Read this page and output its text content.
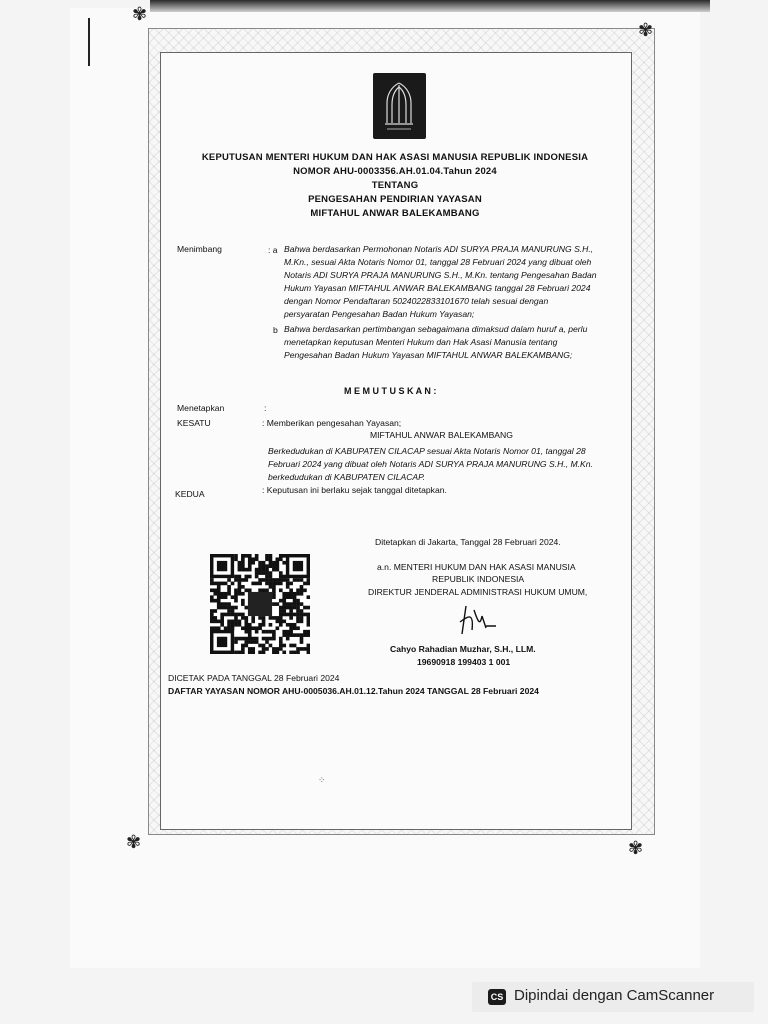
✾
✾
✾	✾
KEPUTUSAN MENTERI HUKUM DAN HAK ASASI MANUSIA REPUBLIK INDONESIA
NOMOR AHU-0003356.AH.01.04.Tahun 2024
TENTANG
PENGESAHAN PENDIRIAN YAYASAN
MIFTAHUL ANWAR BALEKAMBANG
Menimbang	: a Bahwa berdasarkan Permohonan Notaris ADI SURYA PRAJA MANURUNG S.H.,
M.Kn., sesuai Akta Notaris Nomor 01, tanggal 28 Februari 2024 yang dibuat oleh
Notaris ADI SURYA PRAJA MANURUNG S.H., M.Kn. tentang Pengesahan Badan
Hukum Yayasan MIFTAHUL ANWAR BALEKAMBANG tanggal 28 Februari 2024
dengan Nomor Pendaftaran 5024022833101670 telah sesuai dengan
persyaratan Pengesahan Badan Hukum Yayasan;
b Bahwa berdasarkan pertimbangan sebagaimana dimaksud dalam huruf a, perlu
menetapkan keputusan Menteri Hukum dan Hak Asasi Manusia tentang
Pengesahan Badan Hukum Yayasan MIFTAHUL ANWAR BALEKAMBANG;
M E M U T U S K A N :
Menetapkan	:
KESATU	: Memberikan pengesahan Yayasan;
MIFTAHUL ANWAR BALEKAMBANG
Berkedudukan di KABUPATEN CILACAP sesuai Akta Notaris Nomor 01, tanggal 28
Februari 2024 yang dibuat oleh Notaris ADI SURYA PRAJA MANURUNG S.H., M.Kn.
berkedudukan di KABUPATEN CILACAP.
KEDUA	: Keputusan ini berlaku sejak tanggal ditetapkan.
Ditetapkan di Jakarta, Tanggal 28 Februari 2024.
a.n. MENTERI HUKUM DAN HAK ASASI MANUSIA
REPUBLIK INDONESIA
DIREKTUR JENDERAL ADMINISTRASI HUKUM UMUM,
Cahyo Rahadian Muzhar, S.H., LLM.
19690918 199403 1 001
DICETAK PADA TANGGAL 28 Februari 2024
DAFTAR YAYASAN NOMOR AHU-0005036.AH.01.12.Tahun 2024 TANGGAL 28 Februari 2024
⁘
CS Dipindai dengan CamScanner
